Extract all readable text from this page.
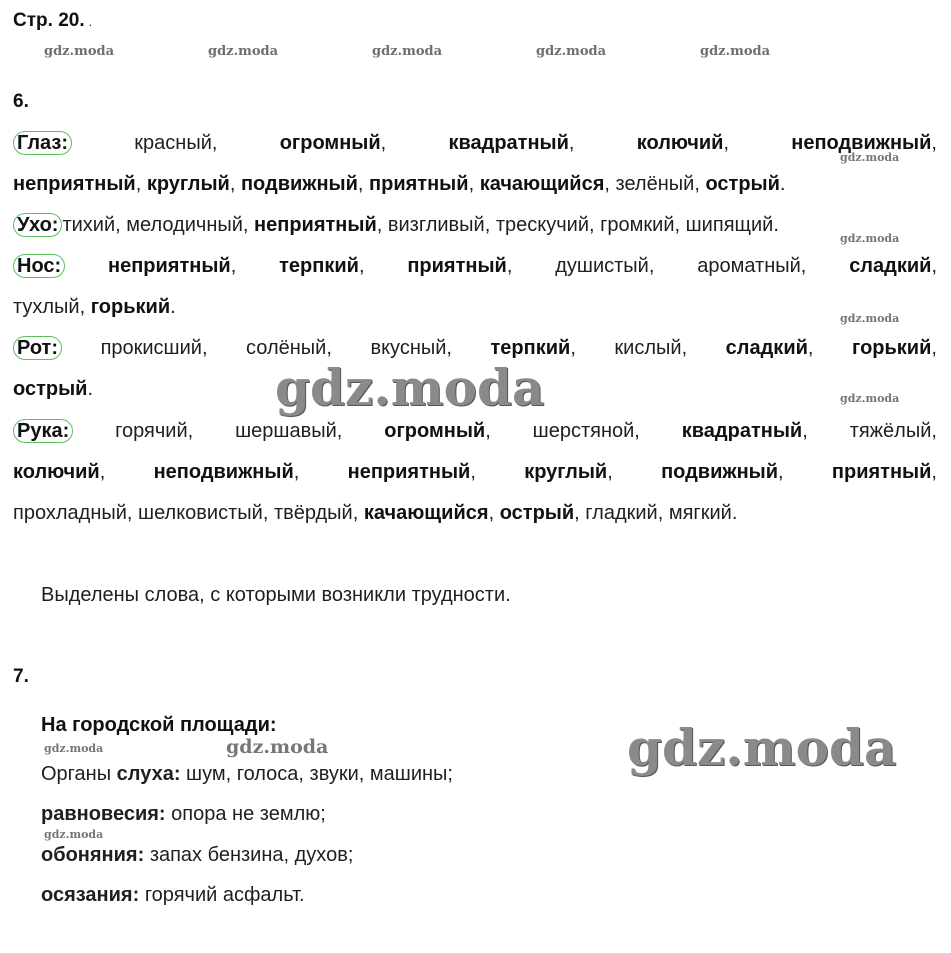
Стр. 20. .
gdz.moda	gdz.moda	gdz.moda	gdz.moda	gdz.moda
6.
Глаз:	красный, огромный, квадратный, колючий, неподвижный,
gdz.moda
неприятный, круглый, подвижный, приятный, качающийся, зелёный, острый.
Ухо: тихий, мелодичный, неприятный, визгливый, трескучий, громкий, шипящий.
gdz.moda
Нос: неприятный, терпкий, приятный, душистый, ароматный, сладкий,
тухлый, горький.
gdz.moda
Рот: прокисший, солёный, вкусный, терпкий, кислый, сладкий, горький,
острый.	gdz.moda	gdz.moda
Рука: горячий, шершавый, огромный, шерстяной, квадратный, тяжёлый,
колючий, неподвижный, неприятный, круглый, подвижный, приятный,
прохладный, шелковистый, твёрдый, качающийся, острый, гладкий, мягкий.
Выделены слова, с которыми возникли трудности.
7.
На городской площади:
gdz.moda	gdz.moda	gdz.moda
Органы слуха: шум, голоса, звуки, машины;
равновесия: опора не землю;
gdz.moda
обоняния: запах бензина, духов;
осязания: горячий асфальт.
